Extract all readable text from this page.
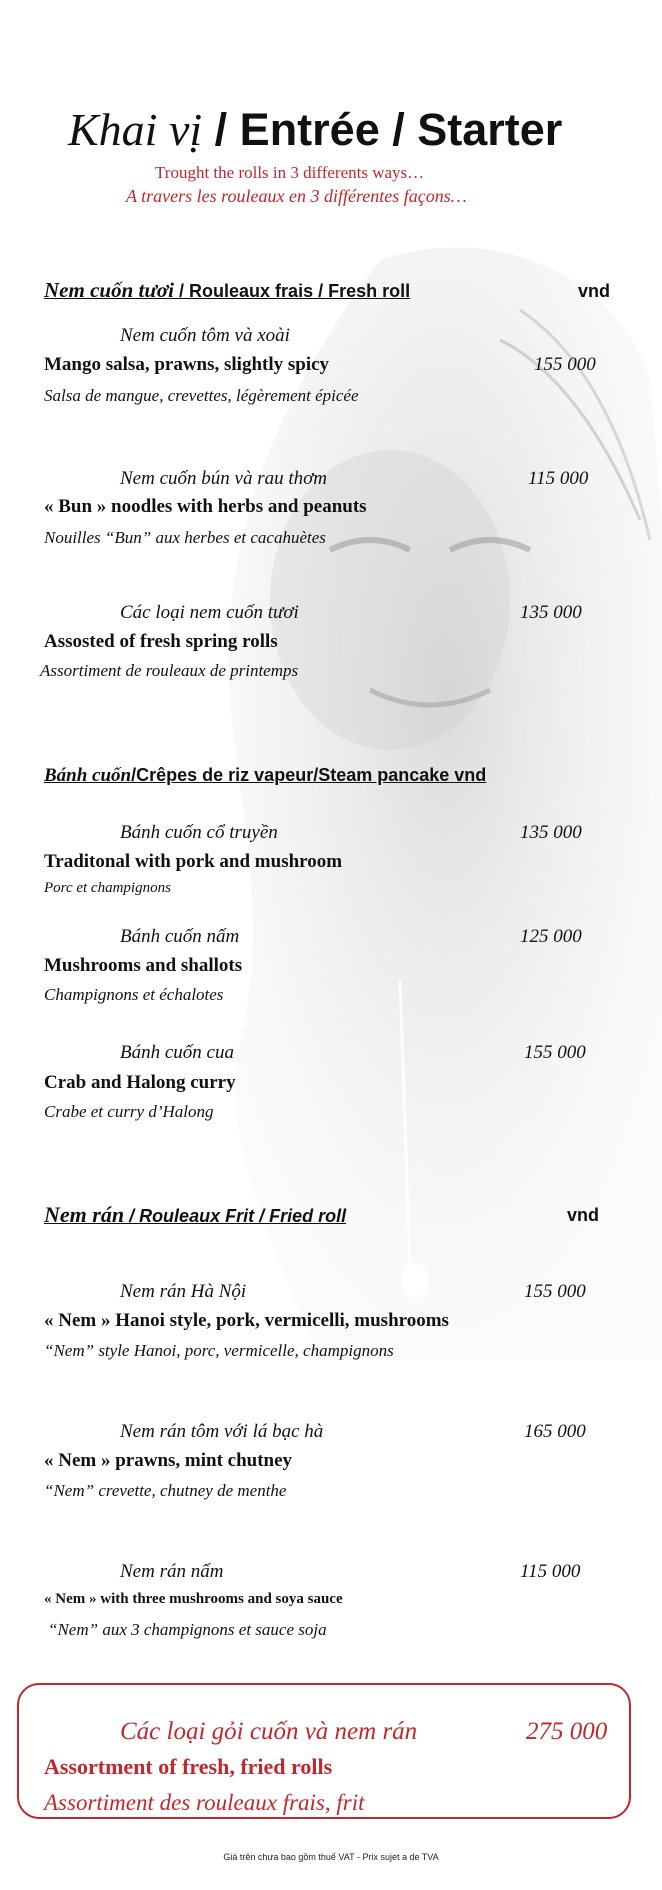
Khai vị / Entrée / Starter
Trought the rolls in 3 differents ways…
A travers les rouleaux en 3 différentes façons…
Nem cuốn tươi / Rouleaux frais / Fresh roll	vnd
Nem cuốn tôm và xoài
Mango salsa, prawns, slightly spicy	155 000
Salsa de mangue, crevettes, légèrement épicée
Nem cuốn bún và rau thơm	115 000
« Bun » noodles with herbs and peanuts
Nouilles “Bun” aux herbes et cacahuètes
Các loại nem cuốn tươi	135 000
Assosted of fresh spring rolls
Assortiment de rouleaux de printemps
Bánh cuốn/Crêpes de riz vapeur/Steam pancake vnd
Bánh cuốn cổ truyền	135 000
Traditonal with pork and mushroom
Porc et champignons
Bánh cuốn nấm	125 000
Mushrooms and shallots
Champignons et échalotes
Bánh cuốn cua	155 000
Crab and Halong curry
Crabe et curry d’Halong
Nem rán / Rouleaux Frit / Fried roll	vnd
Nem rán Hà Nội	155 000
« Nem » Hanoi style, pork, vermicelli, mushrooms
“Nem” style Hanoi, porc, vermicelle, champignons
Nem rán tôm với lá bạc hà	165 000
« Nem » prawns, mint chutney
“Nem” crevette, chutney de menthe
Nem rán nấm	115 000
« Nem » with three mushrooms and soya sauce
“Nem” aux 3 champignons et sauce soja
Các loại gỏi cuốn và nem rán	275 000
Assortment of fresh, fried rolls
Assortiment des rouleaux frais, frit
Giá trên chưa bao gồm thuế VAT - Prix sujet a de TVA
